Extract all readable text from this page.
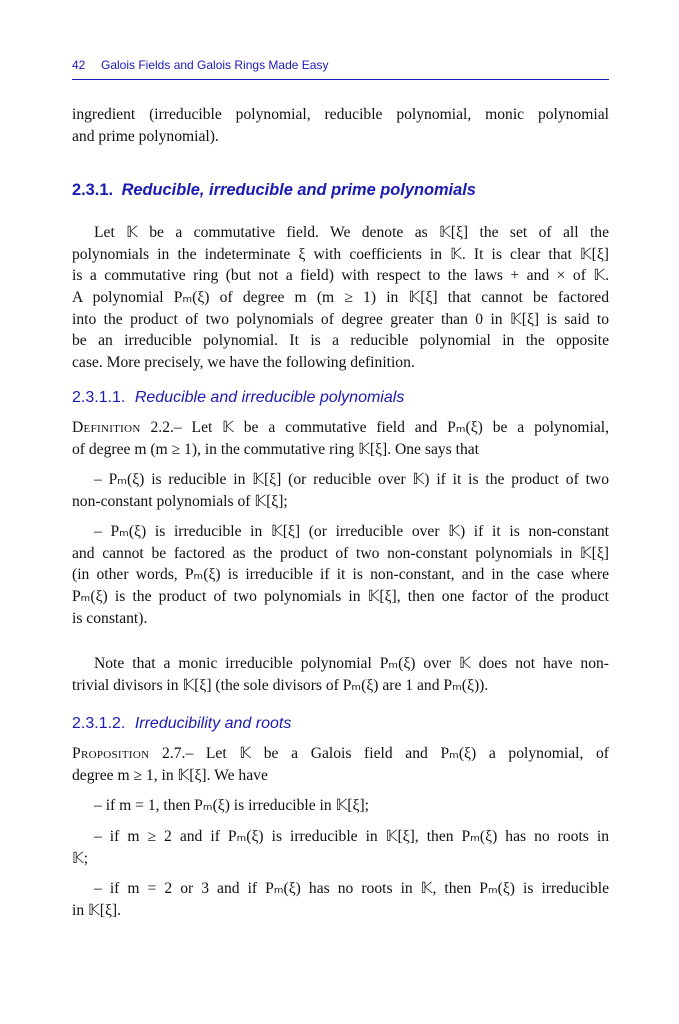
42 Galois Fields and Galois Rings Made Easy
ingredient (irreducible polynomial, reducible polynomial, monic polynomial
and prime polynomial).
2.3.1. Reducible, irreducible and prime polynomials
Let 𝕂 be a commutative field. We denote as 𝕂[ξ] the set of all the
polynomials in the indeterminate ξ with coefficients in 𝕂. It is clear that 𝕂[ξ]
is a commutative ring (but not a field) with respect to the laws + and × of 𝕂.
A polynomial Pₘ(ξ) of degree m (m ≥ 1) in 𝕂[ξ] that cannot be factored
into the product of two polynomials of degree greater than 0 in 𝕂[ξ] is said to
be an irreducible polynomial. It is a reducible polynomial in the opposite
case. More precisely, we have the following definition.
2.3.1.1. Reducible and irreducible polynomials
Definition 2.2.– Let 𝕂 be a commutative field and Pₘ(ξ) be a polynomial,
of degree m (m ≥ 1), in the commutative ring 𝕂[ξ]. One says that
– Pₘ(ξ) is reducible in 𝕂[ξ] (or reducible over 𝕂) if it is the product of two
non-constant polynomials of 𝕂[ξ];
– Pₘ(ξ) is irreducible in 𝕂[ξ] (or irreducible over 𝕂) if it is non-constant
and cannot be factored as the product of two non-constant polynomials in 𝕂[ξ]
(in other words, Pₘ(ξ) is irreducible if it is non-constant, and in the case where
Pₘ(ξ) is the product of two polynomials in 𝕂[ξ], then one factor of the product
is constant).
Note that a monic irreducible polynomial Pₘ(ξ) over 𝕂 does not have non-
trivial divisors in 𝕂[ξ] (the sole divisors of Pₘ(ξ) are 1 and Pₘ(ξ)).
2.3.1.2. Irreducibility and roots
Proposition 2.7.– Let 𝕂 be a Galois field and Pₘ(ξ) a polynomial, of
degree m ≥ 1, in 𝕂[ξ]. We have
– if m = 1, then Pₘ(ξ) is irreducible in 𝕂[ξ];
– if m ≥ 2 and if Pₘ(ξ) is irreducible in 𝕂[ξ], then Pₘ(ξ) has no roots in
𝕂;
– if m = 2 or 3 and if Pₘ(ξ) has no roots in 𝕂, then Pₘ(ξ) is irreducible
in 𝕂[ξ].
